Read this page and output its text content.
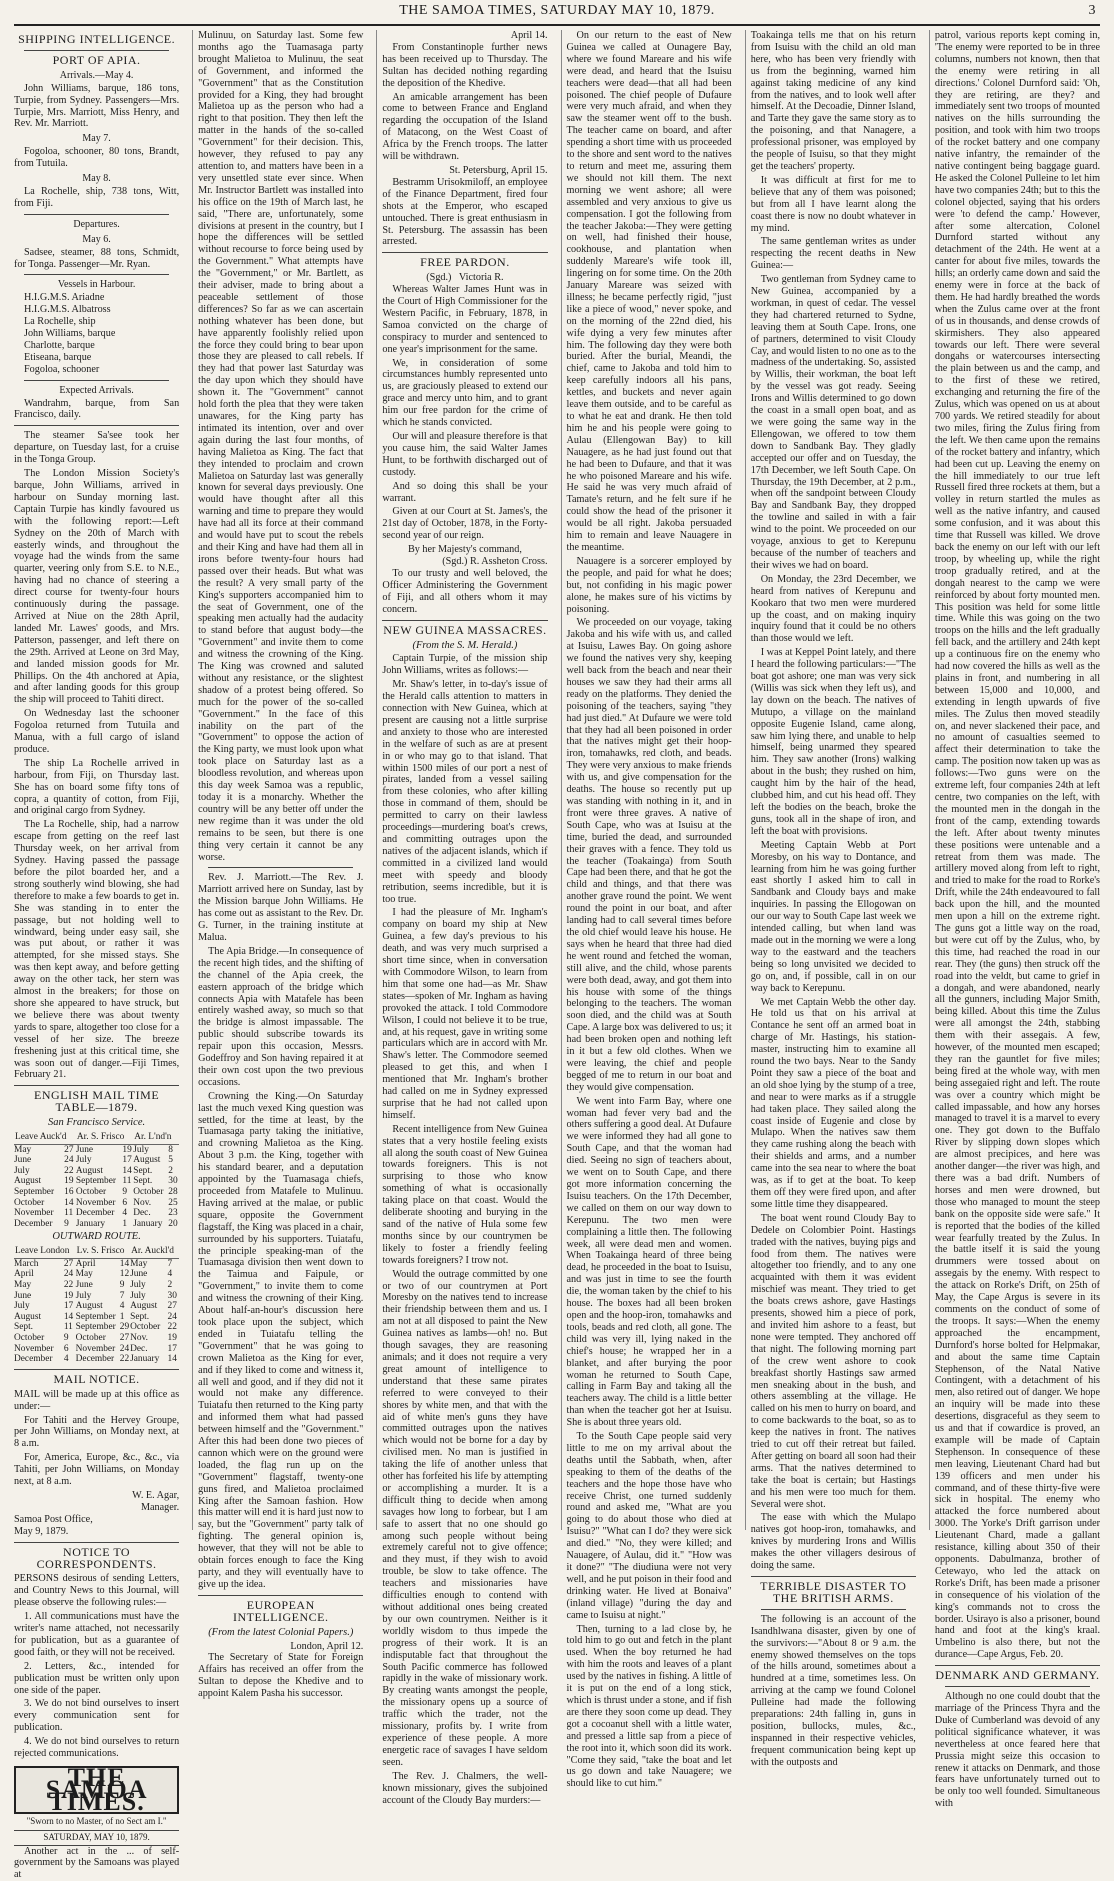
THE SAMOA TIMES, SATURDAY MAY 10, 1879.	3
SHIPPING INTELLIGENCE.
PORT OF APIA.
Arrivals.—May 4.

John Williams, barque, 186 tons, Turpie, from Sydney. Passengers—Mrs. Turpie, Mrs. Marriott, Miss Henry, and Rev. Mr. Marriott.

May 7.

Fogoloa, schooner, 80 tons, Brandt, from Tutuila.

May 8.

La Rochelle, ship, 738 tons, Witt, from Fiji.

Departures.
May 6.

Sadsee, steamer, 88 tons, Schmidt, for Tonga. Passenger—Mr. Ryan.

Vessels in Harbour.
H.I.G.M.S. Ariadne
H.I.G.M.S. Albatross
La Rochelle, ship
John Williams, barque
Charlotte, barque
Etiseana, barque
Fogoloa, schooner
Expected Arrivals.

Wandrahm, barque, from San Francisco, daily.

The steamer Sa'see took her departure, on Tuesday last, for a cruise in the Tonga Group.

The London Mission Society's barque, John Williams, arrived in harbour on Sunday morning last. Captain Turpie has kindly favoured us with the following report:—Left Sydney on the 20th of March with easterly winds, and throughout the voyage had the winds from the same quarter, veering only from S.E. to N.E., having had no chance of steering a direct course for twenty-four hours continuously during the passage. Arrived at Niue on the 28th April, landed Mr. Lawes' goods, and Mrs. Patterson, passenger, and left there on the 29th. Arrived at Leone on 3rd May, and landed mission goods for Mr. Phillips. On the 4th anchored at Apia, and after landing goods for this group the ship will proceed to Tahiti direct.

On Wednesday last the schooner Fogoloa returned from Tutuila and Manua, with a full cargo of island produce.

The ship La Rochelle arrived in harbour, from Fiji, on Thursday last. She has on board some fifty tons of copra, a quantity of cotton, from Fiji, and original cargo from Sydney.

The La Rochelle, ship, had a narrow escape from getting on the reef last Thursday week, on her arrival from Sydney. Having passed the passage before the pilot boarded her, and a strong southerly wind blowing, she had therefore to make a few boards to get in. She was standing in to enter the passage, but not holding well to windward, being under easy sail, she was put about, or rather it was attempted, for she missed stays. She was then kept away, and before getting away on the other tack, her stern was almost in the breakers; for those on shore she appeared to have struck, but we believe there was about twenty yards to spare, altogether too close for a vessel of her size. The breeze freshening just at this critical time, she was soon out of danger.—Fiji Times, February 21.

ENGLISH MAIL TIME TABLE—1879.
San Francisco Service.
Leave Auck'd		Ar. S. Frisco		Ar. L'nd'n	
May	27	June	19	July	8
June	24	July	17	August	5
July	22	August	14	Sept.	2
August	19	September	11	Sept.	30
September	16	October	9	October	28
October	14	November	6	Nov.	25
November	11	December	4	Dec.	23
December	9	January	1	January	20
OUTWARD ROUTE.
Leave London		Lv. S. Frisco		Ar. Auckl'd	
March	27	April	14	May	7
April	24	May	12	June	4
May	22	June	9	July	2
June	19	July	7	July	30
July	17	August	4	August	27
August	14	September	1	Sept.	24
Sept.	11	September	29	October	22
October	9	October	27	Nov.	19
November	6	November	24	Dec.	17
December	4	December	22	January	14
MAIL NOTICE.

MAIL will be made up at this office as under:—

For Tahiti and the Hervey Groupe, per John Williams, on Monday next, at 8 a.m.

For, America, Europe, &c., &c., via Tahiti, per John Williams, on Monday next, at 8 a.m.

W. E. Agar,
Manager.
Samoa Post Office,
May 9, 1879.
NOTICE TO CORRESPONDENTS.

PERSONS desirous of sending Letters, and Country News to this Journal, will please observe the following rules:—

1. All communications must have the writer's name attached, not necessarily for publication, but as a guarantee of good faith, or they will not be received.

2. Letters, &c., intended for publication must be written only upon one side of the paper.

3. We do not bind ourselves to insert every communication sent for publication.

4. We do not bind ourselves to return rejected communications.

THE SAMOA TIMES.
"Sworn to no Master, of no Sect am I."
SATURDAY, MAY 10, 1879.

Another act in the ... of self-government by the Samoans was played at

Mulinuu, on Saturday last. Some few months ago the Tuamasaga party brought Malietoa to Mulinuu, the seat of Government, and informed the "Government" that as the Constitution provided for a King, they had brought Malietoa up as the person who had a right to that position. They then left the matter in the hands of the so-called "Government" for their decision. This, however, they refused to pay any attention to, and matters have been in a very unsettled state ever since. When Mr. Instructor Bartlett was installed into his office on the 19th of March last, he said, "There are, unfortunately, some divisions at present in the country, but I hope the differences will be settled without recourse to force being used by the Government." What attempts have the "Government," or Mr. Bartlett, as their adviser, made to bring about a peaceable settlement of those differences? So far as we can ascertain nothing whatever has been done, but have apparently foolishly relied upon the force they could bring to bear upon those they are pleased to call rebels. If they had that power last Saturday was the day upon which they should have shown it. The "Government" cannot hold forth the plea that they were taken unawares, for the King party has intimated its intention, over and over again during the last four months, of having Malietoa as King. The fact that they intended to proclaim and crown Malietoa on Saturday last was generally known for several days previously. One would have thought after all this warning and time to prepare they would have had all its force at their command and would have put to scout the rebels and their King and have had them all in irons before twenty-four hours had passed over their heads. But what was the result? A very small party of the King's supporters accompanied him to the seat of Government, one of the speaking men actually had the audacity to stand before that august body—the "Government" and invite them to come and witness the crowning of the King. The King was crowned and saluted without any resistance, or the slightest shadow of a protest being offered. So much for the power of the so-called "Government." In the face of this inability on the part of the "Government" to oppose the action of the King party, we must look upon what took place on Saturday last as a bloodless revolution, and whereas upon this day week Samoa was a republic, today it is a monarchy. Whether the country will be any better off under the new regime than it was under the old remains to be seen, but there is one thing very certain it cannot be any worse.

Rev. J. Marriott.—The Rev. J. Marriott arrived here on Sunday, last by the Mission barque John Williams. He has come out as assistant to the Rev. Dr. G. Turner, in the training institute at Malua.

The Apia Bridge.—In consequence of the recent high tides, and the shifting of the channel of the Apia creek, the eastern approach of the bridge which connects Apia with Matafele has been entirely washed away, so much so that the bridge is almost impassable. The public should subscribe towards its repair upon this occasion, Messrs. Godeffroy and Son having repaired it at their own cost upon the two previous occasions.

Crowning the King.—On Saturday last the much vexed King question was settled, for the time at least, by the Tuamasaga party taking the initiative, and crowning Malietoa as the King. About 3 p.m. the King, together with his standard bearer, and a deputation appointed by the Tuamasaga chiefs, proceeded from Matafele to Mulinuu. Having arrived at the malae, or public square, opposite the Government flagstaff, the King was placed in a chair, surrounded by his supporters. Tuiatafu, the principle speaking-man of the Tuamasaga division then went down to the Taimua and Faipule, or "Government," to invite them to come and witness the crowning of their King. About half-an-hour's discussion here took place upon the subject, which ended in Tuiatafu telling the "Government" that he was going to crown Malietoa as the King for ever, and if they liked to come and witness it, all well and good, and if they did not it would not make any difference. Tuiatafu then returned to the King party and informed them what had passed between himself and the "Government." After this had been done two pieces of cannon which were on the ground were loaded, the flag run up on the "Government" flagstaff, twenty-one guns fired, and Malietoa proclaimed King after the Samoan fashion. How this matter will end it is hard just now to say, but the "Government" party talk of fighting. The general opinion is, however, that they will not be able to obtain forces enough to face the King party, and they will eventually have to give up the idea.

EUROPEAN INTELLIGENCE.
(From the latest Colonial Papers.)
London, April 12.

The Secretary of State for Foreign Affairs has received an offer from the Sultan to depose the Khedive and to appoint Kalem Pasha his successor.

April 14.

From Constantinople further news has been received up to Thursday. The Sultan has decided nothing regarding the deposition of the Khedive.

An amicable arrangement has been come to between France and England regarding the occupation of the Island of Matacong, on the West Coast of Africa by the French troops. The latter will be withdrawn.

St. Petersburg, April 15.

Bestramm Urisokmiloff, an employee of the Finance Department, fired four shots at the Emperor, who escaped untouched. There is great enthusiasm in St. Petersburg. The assassin has been arrested.

FREE PARDON.
(Sgd.) Victoria R.

Whereas Walter James Hunt was in the Court of High Commissioner for the Western Pacific, in February, 1878, in Samoa convicted on the charge of conspiracy to murder and sentenced to one year's imprisonment for the same.

We, in consideration of some circumstances humbly represented unto us, are graciously pleased to extend our grace and mercy unto him, and to grant him our free pardon for the crime of which he stands convicted.

Our will and pleasure therefore is that you cause him, the said Walter James Hunt, to be forthwith discharged out of custody.

And so doing this shall be your warrant.

Given at our Court at St. James's, the 21st day of October, 1878, in the Forty-second year of our reign.

By her Majesty's command,
(Sgd.) R. Assheton Cross.

To our trusty and well beloved, the Officer Administering the Government of Fiji, and all others whom it may concern.

NEW GUINEA MASSACRES.
(From the S. M. Herald.)

Captain Turpie, of the mission ship John Williams, writes as follows:—

Mr. Shaw's letter, in to-day's issue of the Herald calls attention to matters in connection with New Guinea, which at present are causing not a little surprise and anxiety to those who are interested in the welfare of such as are at present in or who may go to that island. That within 1500 miles of our port a nest of pirates, landed from a vessel sailing from these colonies, who after killing those in command of them, should be permitted to carry on their lawless proceedings—murdering boat's crews, and committing outrages upon the natives of the adjacent islands, which if committed in a civilized land would meet with speedy and bloody retribution, seems incredible, but it is too true.

I had the pleasure of Mr. Ingham's company on board my ship at New Guinea, a few day's previous to his death, and was very much surprised a short time since, when in conversation with Commodore Wilson, to learn from him that some one had—as Mr. Shaw states—spoken of Mr. Ingham as having provoked the attack. I told Commodore Wilson, I could not believe it to be true, and, at his request, gave in writing some particulars which are in accord with Mr. Shaw's letter. The Commodore seemed pleased to get this, and when I mentioned that Mr. Ingham's brother had called on me in Sydney expressed surprise that he had not called upon himself.

Recent intelligence from New Guinea states that a very hostile feeling exists all along the south coast of New Guinea towards foreigners. This is not surprising to those who know something of what is occasionally taking place on that coast. Would the deliberate shooting and burying in the sand of the native of Hula some few months since by our countrymen be likely to foster a friendly feeling towards foreigners? I trow not.

Would the outrage committed by one or two of our countrymen at Port Moresby on the natives tend to increase their friendship between them and us. I am not at all disposed to paint the New Guinea natives as lambs—oh! no. But though savages, they are reasoning animals; and it does not require a very great amount of intelligence to understand that these same pirates referred to were conveyed to their shores by white men, and that with the aid of white men's guns they have committed outrages upon the natives which would not be borne for a day by civilised men. No man is justified in taking the life of another unless that other has forfeited his life by attempting or accomplishing a murder. It is a difficult thing to decide when among savages how long to forbear, but I am safe to assert that no one should go among such people without being extremely careful not to give offence; and they must, if they wish to avoid trouble, be slow to take offence. The teachers and missionaries have difficulties enough to contend with without additional ones being created by our own countrymen. Neither is it worldly wisdom to thus impede the progress of their work. It is an indisputable fact that throughout the South Pacific commerce has followed rapidly in the wake of missionary work. By creating wants amongst the people, the missionary opens up a source of traffic which the trader, not the missionary, profits by. I write from experience of these people. A more energetic race of savages I have seldom seen.

The Rev. J. Chalmers, the well-known missionary, gives the subjoined account of the Cloudy Bay murders:—

On our return to the east of New Guinea we called at Ounagere Bay, where we found Mareare and his wife were dead, and heard that the Isuisu teachers were dead—that all had been poisoned. The chief people of Dufaure were very much afraid, and when they saw the steamer went off to the bush. The teacher came on board, and after spending a short time with us proceeded to the shore and sent word to the natives to return and meet me, assuring them we should not kill them. The next morning we went ashore; all were assembled and very anxious to give us compensation. I got the following from the teacher Jakoba:—They were getting on well, had finished their house, cookhouse, and plantation when suddenly Mareare's wife took ill, lingering on for some time. On the 20th January Mareare was seized with illness; he became perfectly rigid, "just like a piece of wood," never spoke, and on the morning of the 22nd died, his wife dying a very few minutes after him. The following day they were both buried. After the burial, Meandi, the chief, came to Jakoba and told him to keep carefully indoors all his pans, kettles, and buckets and never again leave them outside, and to be careful as to what he eat and drank. He then told him he and his people were going to Aulau (Ellengowan Bay) to kill Nauagere, as he had just found out that he had been to Dufaure, and that it was he who poisoned Mareare and his wife. He said he was very much afraid of Tamate's return, and he felt sure if he could show the head of the prisoner it would be all right. Jakoba persuaded him to remain and leave Nauagere in the meantime.

Nauagere is a sorcerer employed by the people, and paid for what he does; but, not confiding in his magic power alone, he makes sure of his victims by poisoning.

We proceeded on our voyage, taking Jakoba and his wife with us, and called at Isuisu, Lawes Bay. On going ashore we found the natives very shy, keeping well back from the beach and near their houses we saw they had their arms all ready on the platforms. They denied the poisoning of the teachers, saying "they had just died." At Dufaure we were told that they had all been poisoned in order that the natives might get their hoop-iron, tomahawks, red cloth, and beads. They were very anxious to make friends with us, and give compensation for the deaths. The house so recently put up was standing with nothing in it, and in front were three graves. A native of South Cape, who was at Isuisu at the time, buried the dead, and surrounded their graves with a fence. They told us the teacher (Toakainga) from South Cape had been there, and that he got the child and things, and that there was another grave round the point. We went round the point in our boat, and after landing had to call several times before the old chief would leave his house. He says when he heard that three had died he went round and fetched the woman, still alive, and the child, whose parents were both dead, away, and got them into his house with some of the things belonging to the teachers. The woman soon died, and the child was at South Cape. A large box was delivered to us; it had been broken open and nothing left in it but a few old clothes. When we were leaving, the chief and people begged of me to return in our boat and they would give compensation.

We went into Farm Bay, where one woman had fever very bad and the others suffering a good deal. At Dufaure we were informed they had all gone to South Cape, and that the woman had died. Seeing no sign of teachers about, we went on to South Cape, and there got more information concerning the Isuisu teachers. On the 17th December, we called on them on our way down to Kerepunu. The two men were complaining a little then. The following week, all were dead men and women. When Toakainga heard of three being dead, he proceeded in the boat to Isuisu, and was just in time to see the fourth die, the woman taken by the chief to his house. The boxes had all been broken open and the hoop-iron, tomahawks and tools, beads and red cloth, all gone. The child was very ill, lying naked in the chief's house; he wrapped her in a blanket, and after burying the poor woman he returned to South Cape, calling in Farm Bay and taking all the teachers away. The child is a little better than when the teacher got her at Isuisu. She is about three years old.

To the South Cape people said very little to me on my arrival about the deaths until the Sabbath, when, after speaking to them of the deaths of the teachers and the hope those have who receive Christ, one turned suddenly round and asked me, "What are you going to do about those who died at Isuisu?" "What can I do? they were sick and died." "No, they were killed; and Nauagere, of Aulau, did it." "How was it done?" "The diudiuna were not very well, and he put poison in their food and drinking water. He lived at Bonaiva" (inland village) "during the day and came to Isuisu at night."

Then, turning to a lad close by, he told him to go out and fetch in the plant used. When the boy returned he had with him the roots and leaves of a plant used by the natives in fishing. A little of it is put on the end of a long stick, which is thrust under a stone, and if fish are there they soon come up dead. They got a cocoanut shell with a little water, and pressed a little sap from a piece of the root into it, which soon did its work. "Come they said, "take the boat and let us go down and take Nauagere; we should like to cut him."

Toakainga tells me that on his return from Isuisu with the child an old man here, who has been very friendly with us from the beginning, warned him against taking medicine of any kind from the natives, and to look well after himself. At the Decoadie, Dinner Island, and Tarte they gave the same story as to the poisoning, and that Nanagere, a professional prisoner, was employed by the people of Isuisu, so that they might get the teachers' property.

It was difficult at first for me to believe that any of them was poisoned; but from all I have learnt along the coast there is now no doubt whatever in my mind.

The same gentleman writes as under respecting the recent deaths in New Guinea:—

Two gentleman from Sydney came to New Guinea, accompanied by a workman, in quest of cedar. The vessel they had chartered returned to Sydne, leaving them at South Cape. Irons, one of partners, determined to visit Cloudy Cay, and would listen to no one as to the madness of the undertaking. So, assisted by Willis, their workman, the boat left by the vessel was got ready. Seeing Irons and Willis determined to go down the coast in a small open boat, and as we were going the same way in the Ellengowan, we offered to tow them down to Sandbank Bay. They gladly accepted our offer and on Tuesday, the 17th December, we left South Cape. On Thursday, the 19th December, at 2 p.m., when off the sandpoint between Cloudy Bay and Sandbank Bay, they dropped the towline and sailed in with a fair wind to the point. We proceeded on our voyage, anxious to get to Kerepunu because of the number of teachers and their wives we had on board.

On Monday, the 23rd December, we heard from natives of Kerepunu and Kookaro that two men were murdered up the coast, and on making inquiry inquiry found that it could be no others than those would we left.

I was at Keppel Point lately, and there I heard the following particulars:—"The boat got ashore; one man was very sick (Willis was sick when they left us), and lay down on the beach. The natives of Mutupo, a village on the mainland opposite Eugenie Island, came along, saw him lying there, and unable to help himself, being unarmed they speared him. They saw another (Irons) walking about in the bush; they rushed on him, caught him by the hair of the head, clubbed him, and cut his head off. They left the bodies on the beach, broke the guns, took all in the shape of iron, and left the boat with provisions.

Meeting Captain Webb at Port Moresby, on his way to Dontance, and learning from him he was going further east shortly I asked him to call in Sandbank and Cloudy bays and make inquiries. In passing the Ellogowan on our our way to South Cape last week we intended calling, but when land was made out in the morning we were a long way to the eastward and the teachers being so long unvisited we decided to go on, and, if possible, call in on our way back to Kerepunu.

We met Captain Webb the other day. He told us that on his arrival at Contance he sent off an armed boat in charge of Mr. Hastings, his station-master, instructing him to examine all round the two bays. Near to the Sandy Point they saw a piece of the boat and an old shoe lying by the stump of a tree, and near to were marks as if a struggle had taken place. They sailed along the coast inside of Eugenie and close by Mulapo. When the natives saw them they came rushing along the beach with their shields and arms, and a number came into the sea near to where the boat was, as if to get at the boat. To keep them off they were fired upon, and after some little time they disappeared.

The boat went round Cloudy Bay to Dedele on Colombier Point. Hastings traded with the natives, buying pigs and food from them. The natives were altogether too friendly, and to any one acquainted with them it was evident mischief was meant. They tried to get the boats crews ashore, gave Hastings presents, showed him a piece of pork, and invited him ashore to a feast, but none were tempted. They anchored off that night. The following morning part of the crew went ashore to cook breakfast shortly Hastings saw armed men sneaking about in the bush, and others assembling at the village. He called on his men to hurry on board, and to come backwards to the boat, so as to keep the natives in front. The natives tried to cut off their retreat but failed. After getting on board all soon had their arms. That the natives determined to take the boat is certain; but Hastings and his men were too much for them. Several were shot.

The ease with which the Mulapo natives got hoop-iron, tomahawks, and knives by murdering Irons and Willis makes the other villagers desirous of doing the same.

TERRIBLE DISASTER TO THE BRITISH ARMS.

The following is an account of the Isandhlwana disaster, given by one of the survivors:—"About 8 or 9 a.m. the enemy showed themselves on the tops of the hills around, sometimes about a hundred at a time, sometimes less. On arriving at the camp we found Colonel Pulleine had made the following preparations: 24th falling in, guns in position, bullocks, mules, &c., inspanned in their respective vehicles, frequent communication being kept up with the outposts and

patrol, various reports kept coming in, 'The enemy were reported to be in three columns, numbers not known, then that the enemy were retiring in all directions.' Colonel Durnford said: 'Oh, they are retiring, are they? and immediately sent two troops of mounted natives on the hills surrounding the position, and took with him two troops of the rocket battery and one company native infantry, the remainder of the native contingent being baggage guard. He asked the Colonel Pulleine to let him have two companies 24th; but to this the colonel objected, saying that his orders were 'to defend the camp.' However, after some altercation, Colonel Durnford started without any detachment of the 24th. He went at a canter for about five miles, towards the hills; an orderly came down and said the enemy were in force at the back of them. He had hardly breathed the words when the Zulus came over at the front of us in thousands, and dense crowds of skirmishers. They also appeared towards our left. There were several dongahs or watercourses intersecting the plain between us and the camp, and to the first of these we retired, exchanging and returning the fire of the Zulus, which was opened on us at about 700 yards. We retired steadily for about two miles, firing the Zulus firing from the left. We then came upon the remains of the rocket battery and infantry, which had been cut up. Leaving the enemy on the hill immediately to our true left Russell fired three rockets at them, but a volley in return startled the mules as well as the native infantry, and caused some confusion, and it was about this time that Russell was killed. We drove back the enemy on our left with our left troop, by wheeling up, while the right troop gradually retired, and at the dongah nearest to the camp we were reinforced by about forty mounted men. This position was held for some little time. While this was going on the two troops on the hills and the left gradually fell back, and the artillery and 24th kept up a continuous fire on the enemy who had now covered the hills as well as the plains in front, and numbering in all between 15,000 and 10,000, and extending in length upwards of five miles. The Zulus then moved steadily on, and never slackened their pace, and no amount of casualties seemed to affect their determination to take the camp. The position now taken up was as follows:—Two guns were on the extreme left, four companies 24th at left centre, two companies on the left, with the mounted men in the dongah in the front of the camp, extending towards the left. After about twenty minutes these positions were untenable and a retreat from them was made. The artillery moved along from left to right, and tried to make for the road to Rorke's Drift, while the 24th endeavoured to fall back upon the hill, and the mounted men upon a hill on the extreme right. The guns got a little way on the road, but were cut off by the Zulus, who, by this time, had reached the road in our rear. They (the guns) then struck off the road into the veldt, but came to grief in a dongah, and were abandoned, nearly all the gunners, including Major Smith, being killed. About this time the Zulus were all amongst the 24th, stabbing them with their assegais. A few, however, of the mounted men escaped; they ran the gauntlet for five miles; being fired at the whole way, with men being assegaied right and left. The route was over a country which might be called impassable, and how any horses managed to travel it is a marvel to every one. They got down to the Buffalo River by slipping down slopes which are almost precipices, and here was another danger—the river was high, and there was a bad drift. Numbers of horses and men were drowned, but those who managed to mount the steep bank on the opposite side were safe." It is reported that the bodies of the killed wear fearfully treated by the Zulus. In the battle itself it is said the young drummers were tossed about on assegais by the enemy. With respect to the attack on Rorke's Drift, on 25th of May, the Cape Argus is severe in its comments on the conduct of some of the troops. It says:—When the enemy approached the encampment, Durnford's horse bolted for Helpmakar, and about the same time Captain Stephenson, of the Natal Native Contingent, with a detachment of his men, also retired out of danger. We hope an inquiry will be made into these desertions, disgraceful as they seem to us and that if cowardice is proved, an example will be made of Captain Stephenson. In consequence of these men leaving, Lieutenant Chard had but 139 officers and men under his command, and of these thirty-five were sick in hospital. The enemy who attacked the force numbered about 3000. The Yorke's Drift garrison under Lieutenant Chard, made a gallant resistance, killing about 350 of their opponents. Dabulmanza, brother of Cetewayo, who led the attack on Rorke's Drift, has been made a prisoner in consequence of his violation of the king's commands not to cross the border. Usirayo is also a prisoner, bound hand and foot at the king's kraal. Umbelino is also there, but not the durance—Cape Argus, Feb. 20.

DENMARK AND GERMANY.

Although no one could doubt that the marriage of the Princess Thyra and the Duke of Cumberland was devoid of any political significance whatever, it was nevertheless at once feared here that Prussia might seize this occasion to renew it attacks on Denmark, and those fears have unfortunately turned out to be only too well founded. Simultaneous with
